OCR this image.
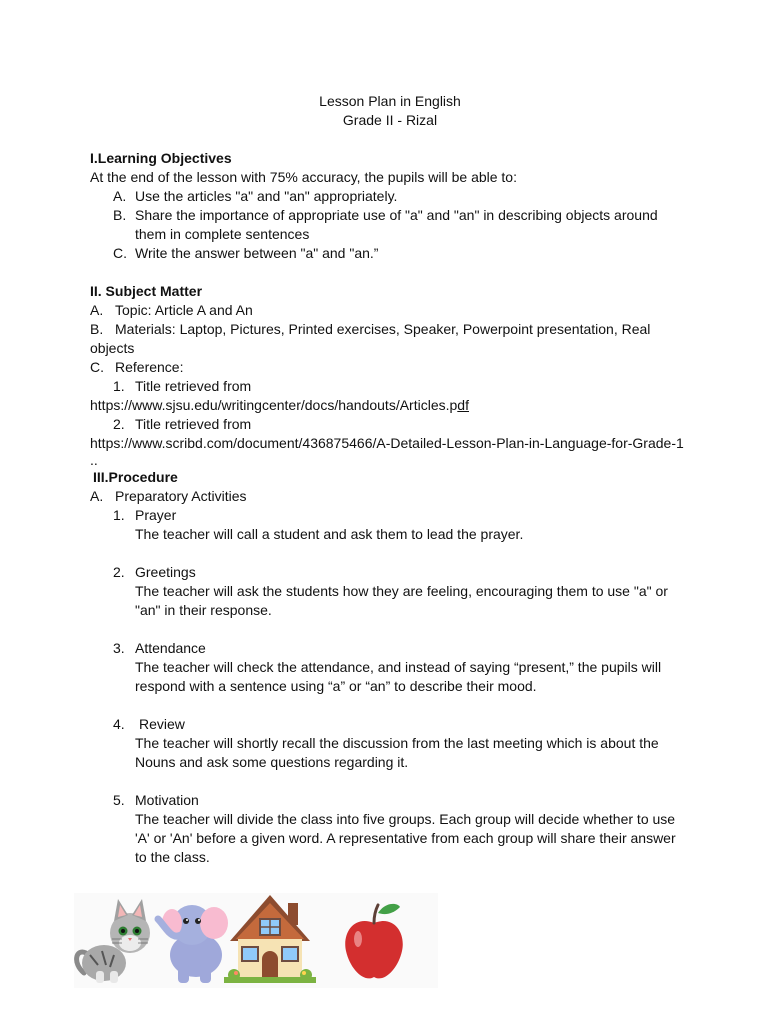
Lesson Plan in English
Grade II - Rizal
I.Learning Objectives
At the end of the lesson with 75% accuracy, the pupils will be able to:
A. Use the articles "a" and "an" appropriately.
B. Share the importance of appropriate use of "a" and "an" in describing objects around
them in complete sentences
C. Write the answer between "a" and "an.”
II. Subject Matter
A. Topic: Article A and An
B. Materials: Laptop, Pictures, Printed exercises, Speaker, Powerpoint presentation, Real
objects
C. Reference:
1. Title retrieved from
https://www.sjsu.edu/writingcenter/docs/handouts/Articles.pdf
2. Title retrieved from
https://www.scribd.com/document/436875466/A-Detailed-Lesson-Plan-in-Language-for-Grade-1
..
III.Procedure
A. Preparatory Activities
1. Prayer
The teacher will call a student and ask them to lead the prayer.
2. Greetings
The teacher will ask the students how they are feeling, encouraging them to use "a" or
"an" in their response.
3. Attendance
The teacher will check the attendance, and instead of saying “present,” the pupils will
respond with a sentence using “a” or “an” to describe their mood.
4.	Review
The teacher will shortly recall the discussion from the last meeting which is about the
Nouns and ask some questions regarding it.
5. Motivation
The teacher will divide the class into five groups. Each group will decide whether to use
'A' or 'An' before a given word. A representative from each group will share their answer
to the class.
